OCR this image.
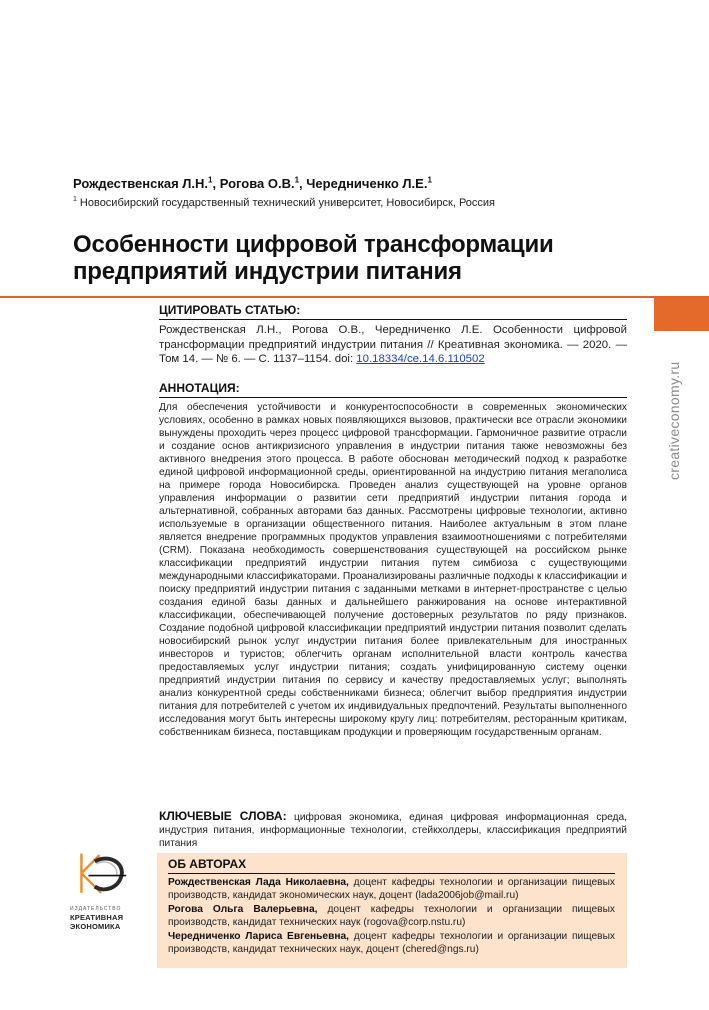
Рождественская Л.Н.$^1$, Рогова О.В.$^1$, Чередниченко Л.Е.$^1$
$^1$ Новосибирский государственный технический университет, Новосибирск, Россия
Особенности цифровой трансформации
предприятий индустрии питания
creativeconomy.ru
ЦИТИРОВАТЬ СТАТЬЮ:
Рождественская Л.Н., Рогова О.В., Чередниченко Л.Е. Особенности цифровой трансформации предприятий индустрии питания // Креативная экономика. — 2020. — Том 14. — № 6. — С. 1137–1154. doi: 10.18334/ce.14.6.110502
АННОТАЦИЯ:

Для обеспечения устойчивости и конкурентоспособности в современных экономических условиях, особенно в рамках новых появляющихся вызовов, практически все отрасли экономики вынуждены проходить через процесс цифровой трансформации. Гармоничное развитие отрасли и создание основ антикризисного управления в индустрии питания также невозможны без активного внедрения этого процесса. В работе обоснован методический подход к разработке единой цифровой информационной среды, ориентированной на индустрию питания мегаполиса на примере города Новосибирска. Проведен анализ существующей на уровне органов управления информации о развитии сети предприятий индустрии питания города и альтернативной, собранных авторами баз данных. Рассмотрены цифровые технологии, активно используемые в организации общественного питания. Наиболее актуальным в этом плане является внедрение программных продуктов управления взаимоотношениями с потребителями (CRM). Показана необходимость совершенствования существующей на российском рынке классификации предприятий индустрии питания путем симбиоза с существующими международными классификаторами. Проанализированы различные подходы к классификации и поиску предприятий индустрии питания с заданными метками в интернет-пространстве с целью создания единой базы данных и дальнейшего ранжирования на основе интерактивной классификации, обеспечивающей получение достоверных результатов по ряду признаков. Создание подобной цифровой классификации предприятий индустрии питания позволит сделать новосибирский рынок услуг индустрии питания более привлекательным для иностранных инвесторов и туристов; облегчить органам исполнительной власти контроль качества предоставляемых услуг индустрии питания; создать унифицированную систему оценки предприятий индустрии питания по сервису и качеству предоставляемых услуг; выполнять анализ конкурентной среды собственниками бизнеса; облегчит выбор предприятия индустрии питания для потребителей с учетом их индивидуальных предпочтений. Результаты выполненного исследования могут быть интересны широкому кругу лиц: потребителям, ресторанным критикам, собственникам бизнеса, поставщикам продукции и проверяющим государственным органам.

КЛЮЧЕВЫЕ СЛОВА: цифровая экономика, единая цифровая информационная среда, индустрия питания, информационные технологии, стейкхолдеры, классификация предприятий питания
ИЗДАТЕЛЬСТВО
КРЕАТИВНАЯ
ЭКОНОМИКА
ОБ АВТОРАХ

Рождественская Лада Николаевна, доцент кафедры технологии и организации пищевых производств, кандидат экономических наук, доцент (lada2006job@mail.ru)

Рогова Ольга Валерьевна, доцент кафедры технологии и организации пищевых производств, кандидат технических наук (rogova@corp.nstu.ru)

Чередниченко Лариса Евгеньевна, доцент кафедры технологии и организации пищевых производств, кандидат технических наук, доцент (chered@ngs.ru)
